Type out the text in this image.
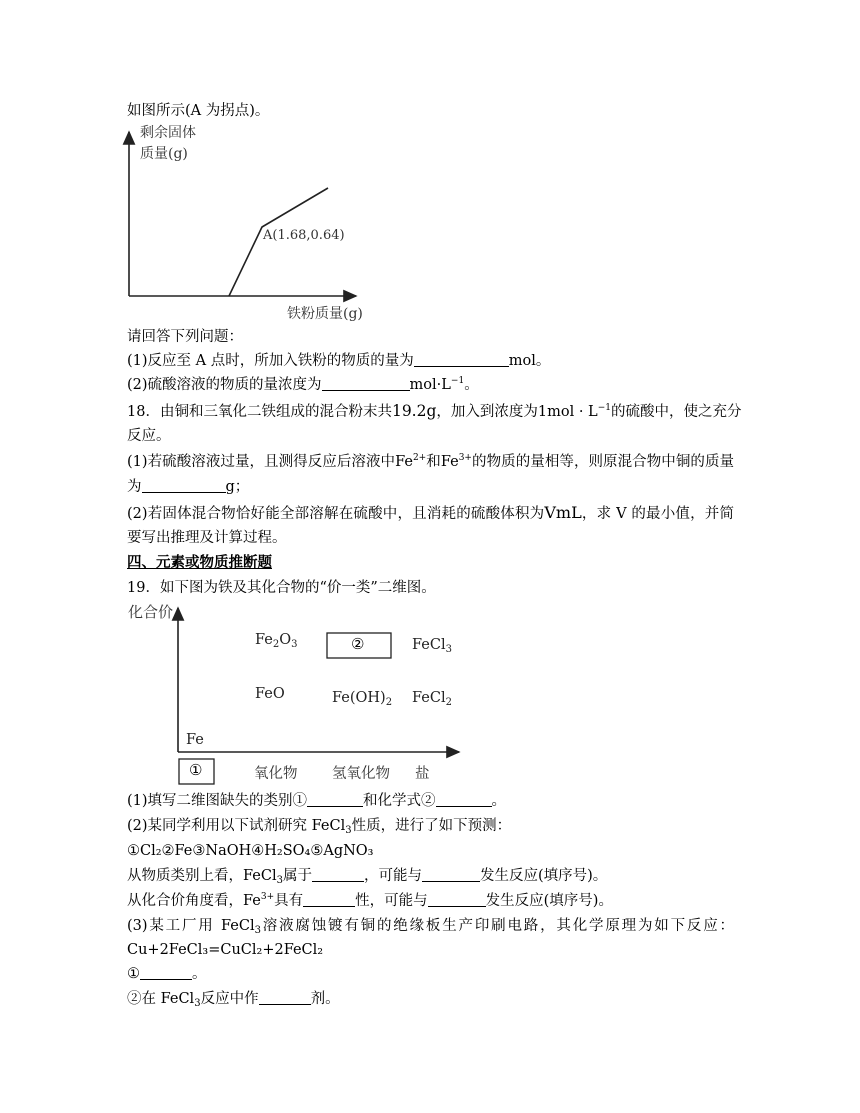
如图所示(A 为拐点)。
剩余固体
质量(g)
A(1.68,0.64)
铁粉质量(g)
请回答下列问题：
(1)反应至 A 点时，所加入铁粉的物质的量为	mol。
(2)硫酸溶液的物质的量浓度为	$mol\cdot L^{-1}$。
18．由铜和三氧化二铁组成的混合粉末共19.2g，加入到浓度为$1mol \cdot L^{-1}$的硫酸中，使之充分
反应。
(1)若硫酸溶液过量，且测得反应后溶液中$Fe^{2+}$和$Fe^{3+}$的物质的量相等，则原混合物中铜的质量
为	g；
(2)若固体混合物恰好能全部溶解在硫酸中，且消耗的硫酸体积为VmL，求 V 的最小值，并简
要写出推理及计算过程。
四、元素或物质推断题
19．如下图为铁及其化合物的“价一类”二维图。
化合价
$Fe_2O_3$	②	FeCl$_3$
FeO	$Fe(OH)_2$ FeCl$_2$
Fe
①	氧化物 氢氧化物 盐
(1)填写二维图缺失的类别①	和化学式②	。
(2)某同学利用以下试剂研究 FeCl$_3$性质，进行了如下预测：
①Cl₂②Fe③NaOH④H₂SO₄⑤AgNO₃
从物质类别上看，FeCl$_3$属于	，可能与	发生反应(填序号)。
从化合价角度看，$Fe^{3+}$具有	性，可能与	发生反应(填序号)。
(3)某工厂用 FeCl$_3$溶液腐蚀镀有铜的绝缘板生产印刷电路，其化学原理为如下反应：
Cu+2FeCl₃=CuCl₂+2FeCl₂
①	。
②在 FeCl$_3$反应中作	剂。
